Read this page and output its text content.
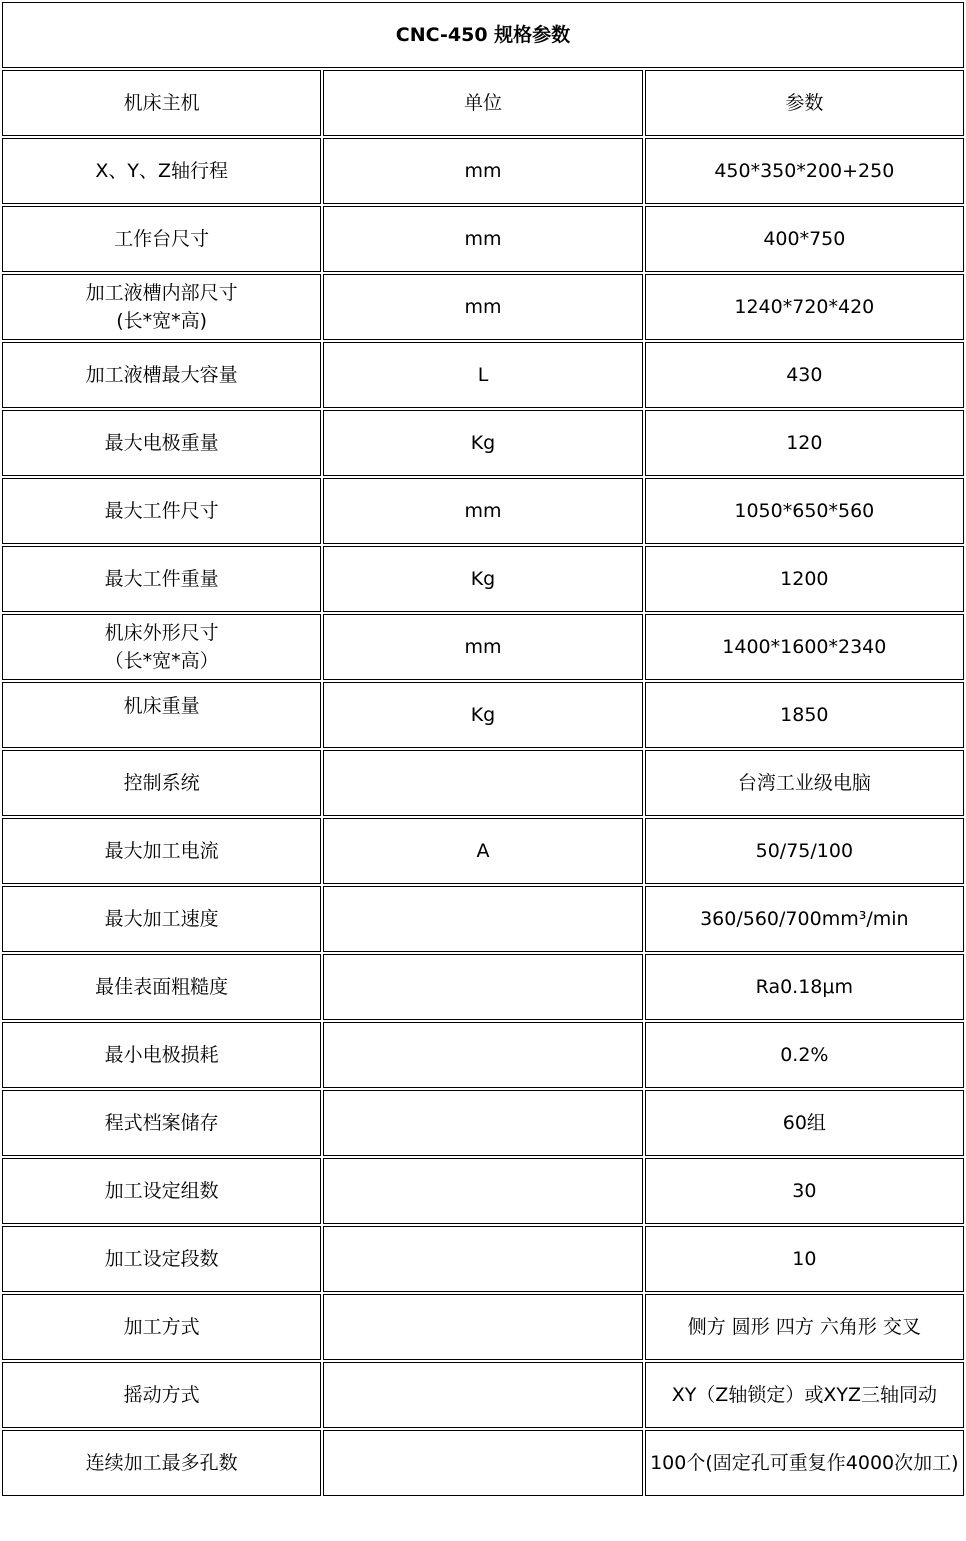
CNC-450 规格参数		
机床主机	单位	参数
X、Y、Z轴行程	mm	450*350*200+250
工作台尺寸	mm	400*750
加工液槽内部尺寸
(长*宽*高)	mm	1240*720*420
加工液槽最大容量	L	430
最大电极重量	Kg	120
最大工件尺寸	mm	1050*650*560
最大工件重量	Kg	1200
机床外形尺寸
（长*宽*高）	mm	1400*1600*2340

机床重量	Kg	1850
控制系统		台湾工业级电脑
最大加工电流	A	50/75/100
最大加工速度		360/560/700mm³/min
最佳表面粗糙度		Ra0.18μm
最小电极损耗		0.2%
程式档案储存		60组
加工设定组数		30
加工设定段数		10
加工方式		侧方 圆形 四方 六角形 交叉
摇动方式		XY（Z轴锁定）或XYZ三轴同动
连续加工最多孔数		100个(固定孔可重复作4000次加工)
